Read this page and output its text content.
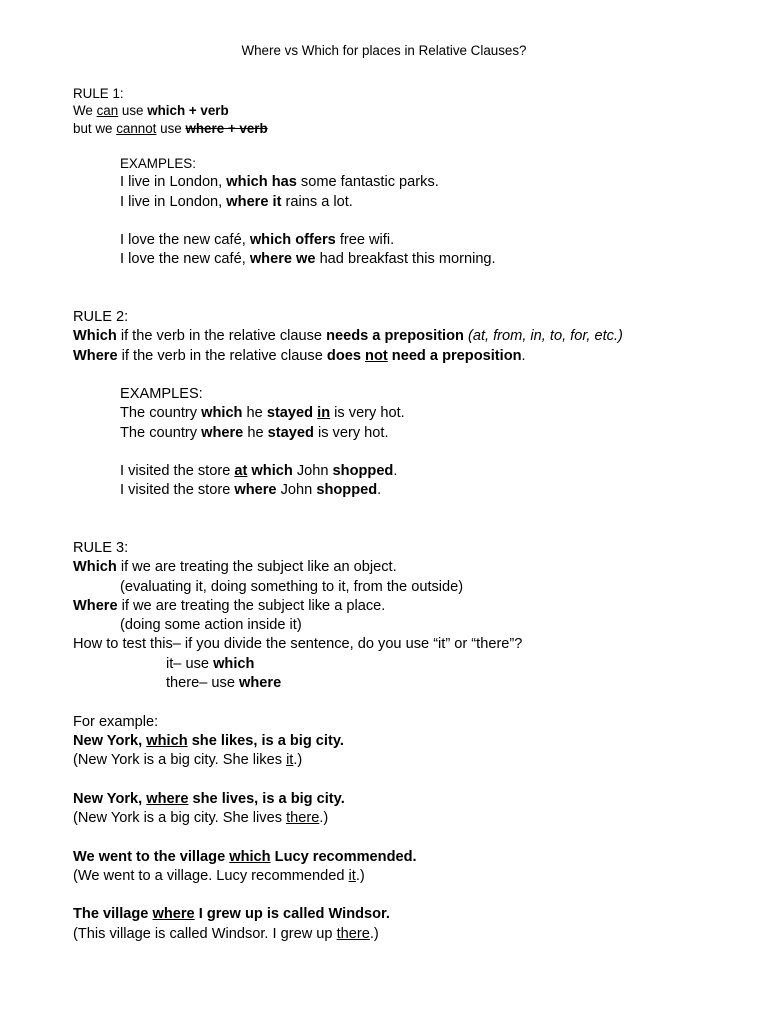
Where vs Which for places in Relative Clauses?
RULE 1:
We can use which + verb
but we cannot use where + verb
EXAMPLES:
I live in London, which has some fantastic parks.
I live in London, where it rains a lot.
I love the new café, which offers free wifi.
I love the new café, where we had breakfast this morning.
RULE 2:
Which if the verb in the relative clause needs a preposition (at, from, in, to, for, etc.)
Where if the verb in the relative clause does not need a preposition.
EXAMPLES:
The country which he stayed in is very hot.
The country where he stayed is very hot.
I visited the store at which John shopped.
I visited the store where John shopped.
RULE 3:
Which if we are treating the subject like an object.
(evaluating it, doing something to it, from the outside)
Where if we are treating the subject like a place.
(doing some action inside it)
How to test this– if you divide the sentence, do you use “it” or “there”?
it– use which
there– use where
For example:
New York, which she likes, is a big city.
(New York is a big city. She likes it.)
New York, where she lives, is a big city.
(New York is a big city. She lives there.)
We went to the village which Lucy recommended.
(We went to a village. Lucy recommended it.)
The village where I grew up is called Windsor.
(This village is called Windsor. I grew up there.)
